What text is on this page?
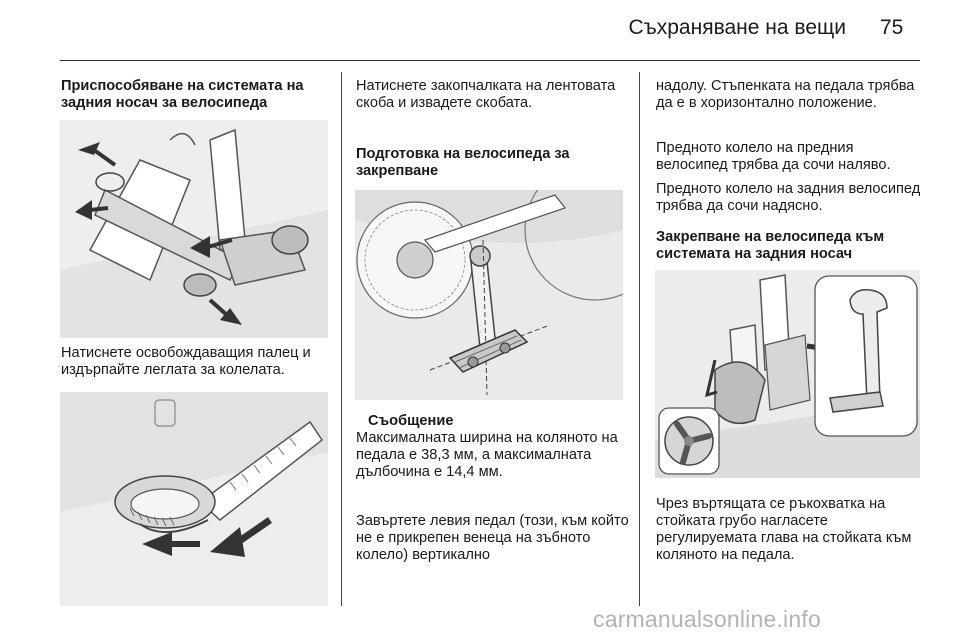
Съхраняване на вещи 75

Приспособяване на системата на задния носач за велосипеда

Натиснете освобождаващия палец и издърпайте леглата за колелата.

Натиснете закопчалката на лентовата скоба и извадете скобата.

Подготовка на велосипеда за закрепване

Съобщение

Максималната ширина на коляното на педала е 38,3 мм, а максималната дълбочина е 14,4 мм.

Завъртете левия педал (този, към който не е прикрепен венеца на зъбното колело) вертикално

надолу. Стъпенката на педала трябва да е в хоризонтално положение.

Предното колело на предния велосипед трябва да сочи наляво.

Предното колело на задния велосипед трябва да сочи надясно.

Закрепване на велосипеда към системата на задния носач

Чрез въртящата се ръкохватка на стойката грубо нагласете регулируемата глава на стойката към коляното на педала.

carmanualsonline.info
